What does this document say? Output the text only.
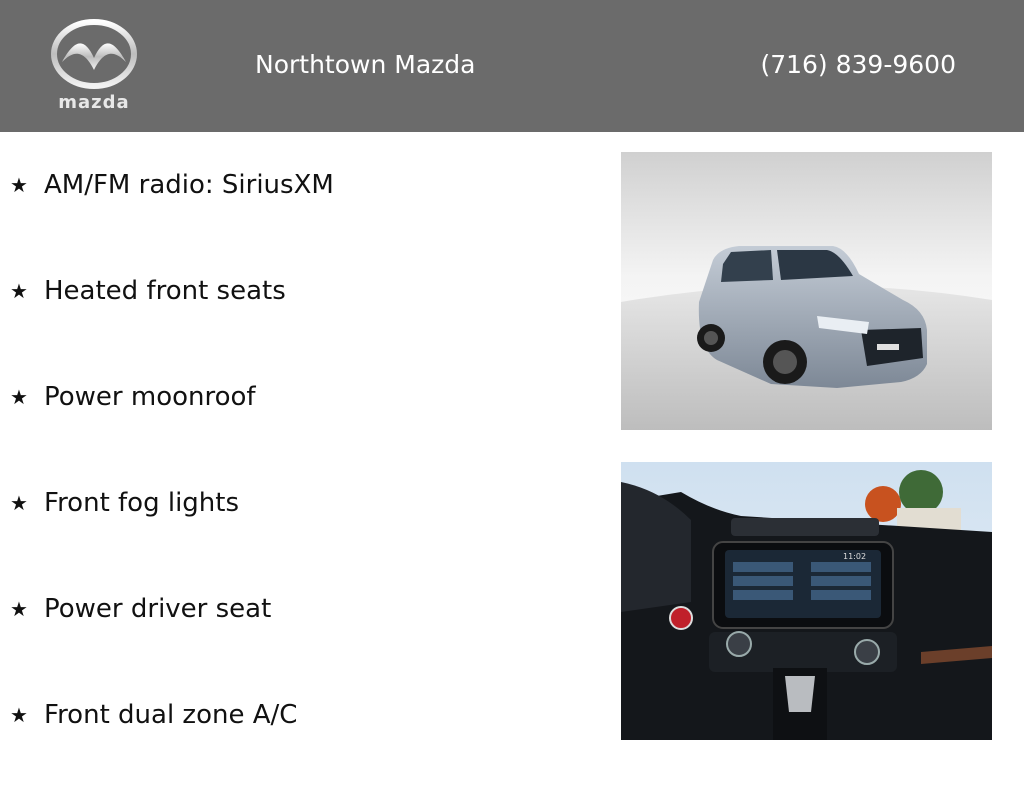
mazda
Northtown Mazda	(716) 839-9600
★ AM/FM radio: SiriusXM
★ Heated front seats
★ Power moonroof
★ Front fog lights
★ Power driver seat
★ Front dual zone A/C
11:02
